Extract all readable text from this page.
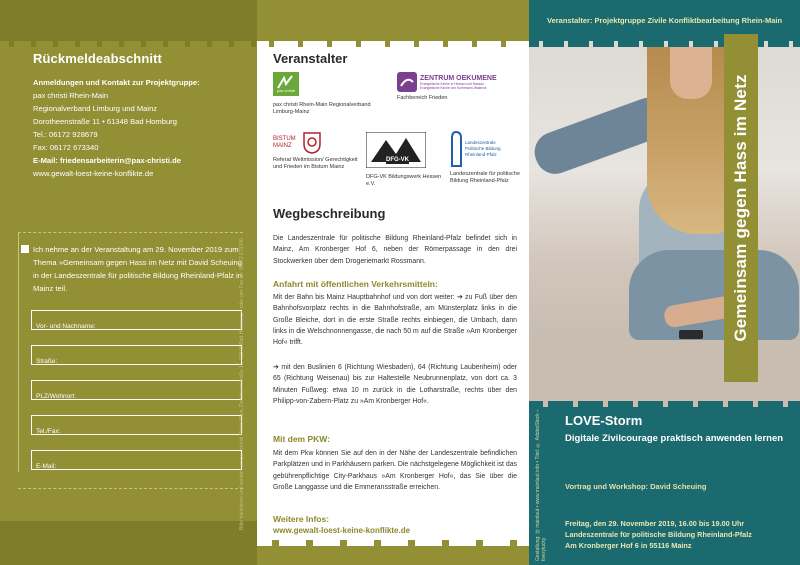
Rückmeldeabschnitt
Anmeldungen und Kontakt zur Projektgruppe:
pax christi Rhein-Main
Regionalverband Limburg und Mainz
Dorotheenstraße 11 • 61348 Bad Homburg
Tel.: 06172 928679
Fax: 06172 673340
E-Mail: friedensarbeiterin@pax-christi.de
www.gewalt-loest-keine-konflikte.de
Ich nehme an der Veranstaltung am 29. November 2019 zum Thema »Gemeinsam gegen Hass im Netz mit David Scheuing in der Landeszentrale für politische Bildung Rheinland-Pfalz in Mainz teil.
Vor- und Nachname:
Straße:
PLZ/Wohnort:
Tel./Fax:
E-Mail:	Bitte frankieren und senden an: pax christi Rhein-Main, Dorotheenstraße 11, 61348 Bad Homburg – oder per Fax an: 06172 673340
Veranstalter
pax christi
pax christi Rhein-Main Regionalverband Limburg-Mainz
ZENTRUM OEKUMENE
Evangelische Kirche in Hessen und Nassau · Evangelische Kirche von Kurhessen-Waldeck
Fachbereich Frieden
BISTUM MAINZ
Referat Weltmission/ Gerechtigkeit und Frieden im Bistum Mainz
DFG-VK
DFG-VK Bildungswerk Hessen e.V.
Landeszentrale Politische Bildung Rheinland-Pfalz
Landeszentrale für politische Bildung Rheinland-Pfalz
Wegbeschreibung
Die Landeszentrale für politische Bildung Rheinland-Pfalz befindet sich in Mainz, Am Kronberger Hof 6, neben der Römerpassage in den drei Stockwerken über dem Drogeriemarkt Rossmann.
Anfahrt mit öffentlichen Verkehrsmitteln:
Mit der Bahn bis Mainz Hauptbahnhof und von dort weiter: ➔ zu Fuß über den Bahnhofsvorplatz rechts in die Bahnhofstraße, am Münsterplatz links in die Große Bleiche, dort in die erste Straße rechts einbiegen, die Umbach, dann links in die Welschnonnengasse, die nach 50 m auf die Straße »Am Kronberger Hof« trifft.
➔ mit den Buslinien 6 (Richtung Wiesbaden), 64 (Richtung Laubenheim) oder 65 (Richtung Weisenau) bis zur Haltestelle Neubrunnenplatz, von dort ca. 3 Minuten Fußweg: etwa 10 m zurück in die Lotharstraße, rechts über den Philipp-von-Zabern-Platz zu »Am Kronberger Hof«.
Mit dem PKW:
Mit dem Pkw können Sie auf den in der Nähe der Landeszentrale befindlichen Parkplätzen und in Parkhäusern parken. Die nächstgelegene Möglichkeit ist das gebührenpflichtige City-Parkhaus »Am Kronberger Hof«, das Sie über die Große Langgasse und die Emmeransstraße erreichen.
Weitere Infos:
www.gewalt-loest-keine-konflikte.de
Veranstalter: Projektgruppe Zivile Konfliktbearbeitung Rhein-Main
Gemeinsam gegen Hass im Netz
LOVE-Storm
Digitale Zivilcourage praktisch anwenden lernen
Vortrag und Workshop: David Scheuing
Freitag, den 29. November 2019, 16.00 bis 19.00 Uhr
Landeszentrale für politische Bildung Rheinland-Pfalz
Am Kronberger Hof 6 in 55116 Mainz
Gestaltung: Ⓜ mainlaut • www.mainlaut.info • Titel: © AdobeStock – tiverylucky
